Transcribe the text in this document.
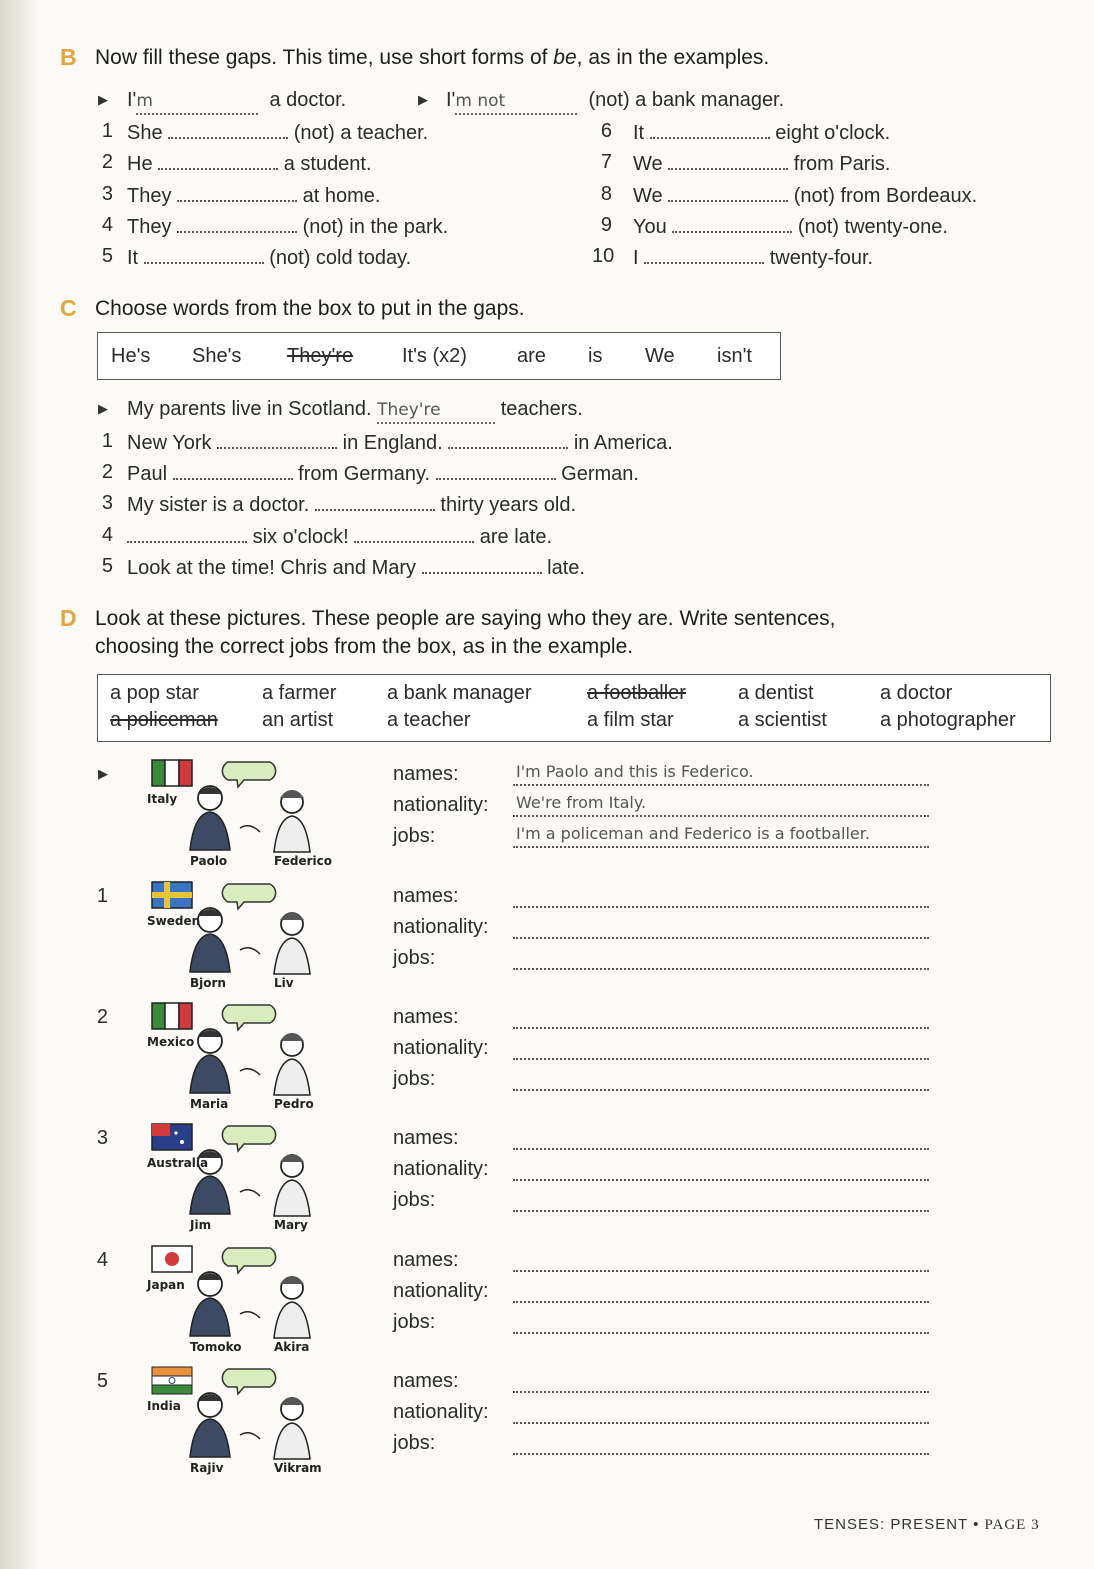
B Now fill these gaps. This time, use short forms of be, as in the examples.
▶ I'm	a doctor.	▶ I'm not	(not) a bank manager.
1 She	(not) a teacher.
2 He	a student.
3 They	at home.
4 They	(not) in the park.
5 It	(not) cold today.
6 It	eight o'clock.
7 We	from Paris.
8 We	(not) from Bordeaux.
9 You	(not) twenty-one.
10 I	twenty-four.
C Choose words from the box to put in the gaps.
He's She's They're It's (x2)	are is We isn't
▶ My parents live in Scotland. They're	teachers.
1 New York	in England.	in America.
2 Paul	from Germany.	German.
3 My sister is a doctor.	thirty years old.
4	six o'clock!	are late.
5 Look at the time! Chris and Mary	late.
D Look at these pictures. These people are saying who they are. Write sentences,
choosing the correct jobs from the box, as in the example.
a pop star	a farmer	a bank manager	a footballer	a dentist	a doctor
a policeman an artist	a teacher	a film star	a scientist	a photographer
▶
Italy
Paolo	Federico
names:	I'm Paolo and this is Federico.
nationality: We're from Italy.
jobs:	I'm a policeman and Federico is a footballer.
1
Sweden
Bjorn	Liv
names:
nationality:
jobs:
2
Mexico
Maria	Pedro
names:
nationality:
jobs:
3
Australia
Jim	Mary
names:
nationality:
jobs:
4
Japan
Tomoko	Akira
names:
nationality:
jobs:
5
India
Rajiv	Vikram
names:
nationality:
jobs:
TENSES: PRESENT • PAGE 3
